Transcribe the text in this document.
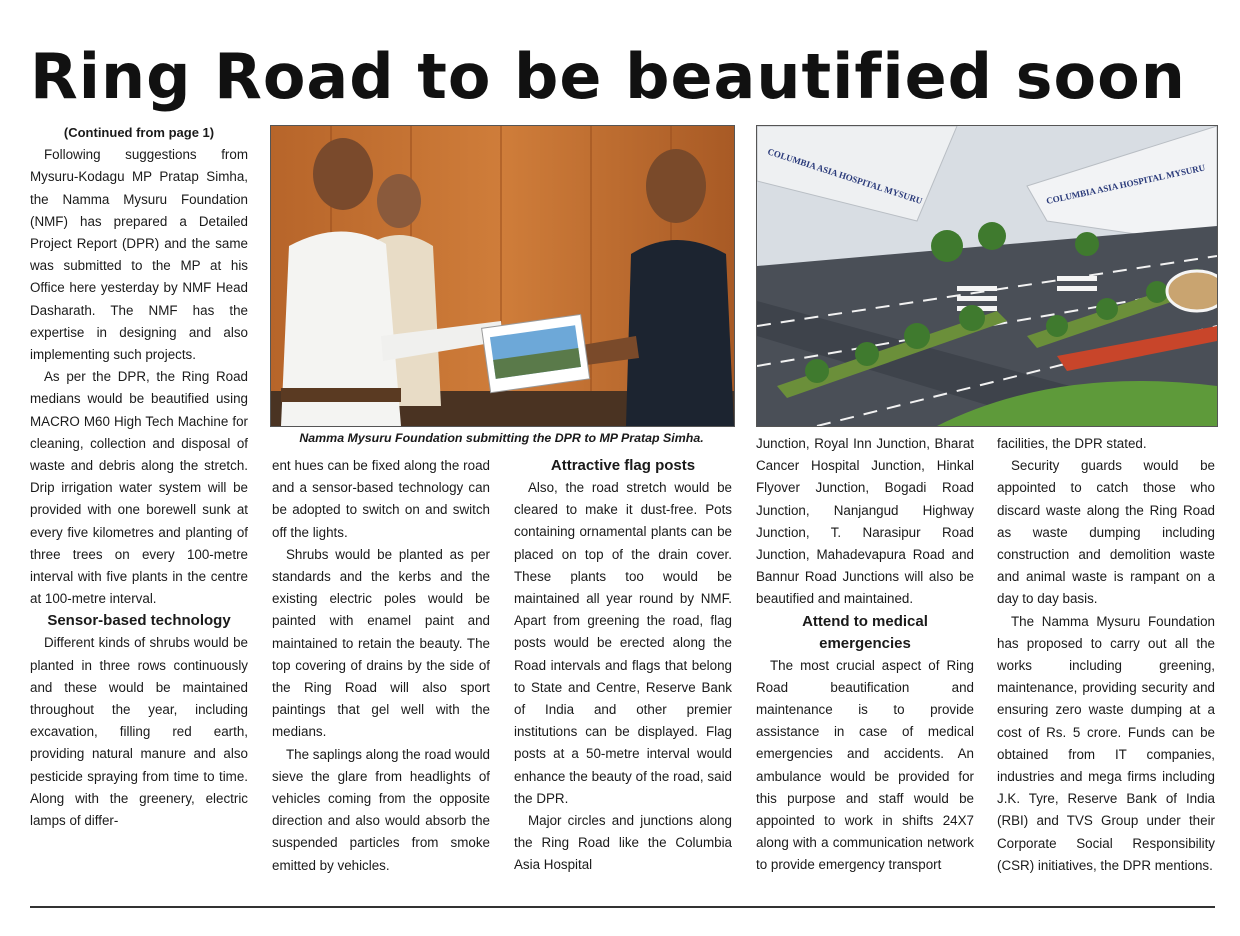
Ring Road to be beautified soon

(Continued from page 1)

Following suggestions from Mysuru-Kodagu MP Pratap Simha, the Namma Mysuru Foundation (NMF) has prepared a Detailed Project Report (DPR) and the same was submitted to the MP at his Office here yesterday by NMF Head Dasharath. The NMF has the expertise in designing and also implementing such projects.

As per the DPR, the Ring Road medians would be beautified using MACRO M60 High Tech Machine for cleaning, collection and disposal of waste and debris along the stretch. Drip irrigation water system will be provided with one borewell sunk at every five kilometres and planting of three trees on every 100-metre interval with five plants in the centre at 100-metre interval.

Sensor-based technology

Different kinds of shrubs would be planted in three rows continuously and these would be maintained throughout the year, including excavation, filling red earth, providing natural manure and also pesticide spraying from time to time. Along with the greenery, electric lamps of differ-

Namma Mysuru Foundation submitting the DPR to MP Pratap Simha.
COLUMBIA ASIA HOSPITAL MYSURU	COLUMBIA ASIA HOSPITAL MYSURU

ent hues can be fixed along the road and a sensor-based technology can be adopted to switch on and switch off the lights.

Shrubs would be planted as per standards and the kerbs and the existing electric poles would be painted with enamel paint and maintained to retain the beauty. The top covering of drains by the side of the Ring Road will also sport paintings that gel well with the medians.

The saplings along the road would sieve the glare from headlights of vehicles coming from the opposite direction and also would absorb the suspended particles from smoke emitted by vehicles.

Attractive flag posts

Also, the road stretch would be cleared to make it dust-free. Pots containing ornamental plants can be placed on top of the drain cover. These plants too would be maintained all year round by NMF. Apart from greening the road, flag posts would be erected along the Road intervals and flags that belong to State and Centre, Reserve Bank of India and other premier institutions can be displayed. Flag posts at a 50-metre interval would enhance the beauty of the road, said the DPR.

Major circles and junctions along the Ring Road like the Columbia Asia Hospital

Junction, Royal Inn Junction, Bharat Cancer Hospital Junction, Hinkal Flyover Junction, Bogadi Road Junction, Nanjangud Highway Junction, T. Narasipur Road Junction, Mahadevapura Road and Bannur Road Junctions will also be beautified and maintained.

Attend to medical emergencies

The most crucial aspect of Ring Road beautification and maintenance is to provide assistance in case of medical emergencies and accidents. An ambulance would be provided for this purpose and staff would be appointed to work in shifts 24X7 along with a communication network to provide emergency transport

facilities, the DPR stated.

Security guards would be appointed to catch those who discard waste along the Ring Road as waste dumping including construction and demolition waste and animal waste is rampant on a day to day basis.

The Namma Mysuru Foundation has proposed to carry out all the works including greening, maintenance, providing security and ensuring zero waste dumping at a cost of Rs. 5 crore. Funds can be obtained from IT companies, industries and mega firms including J.K. Tyre, Reserve Bank of India (RBI) and TVS Group under their Corporate Social Responsibility (CSR) initiatives, the DPR mentions.
